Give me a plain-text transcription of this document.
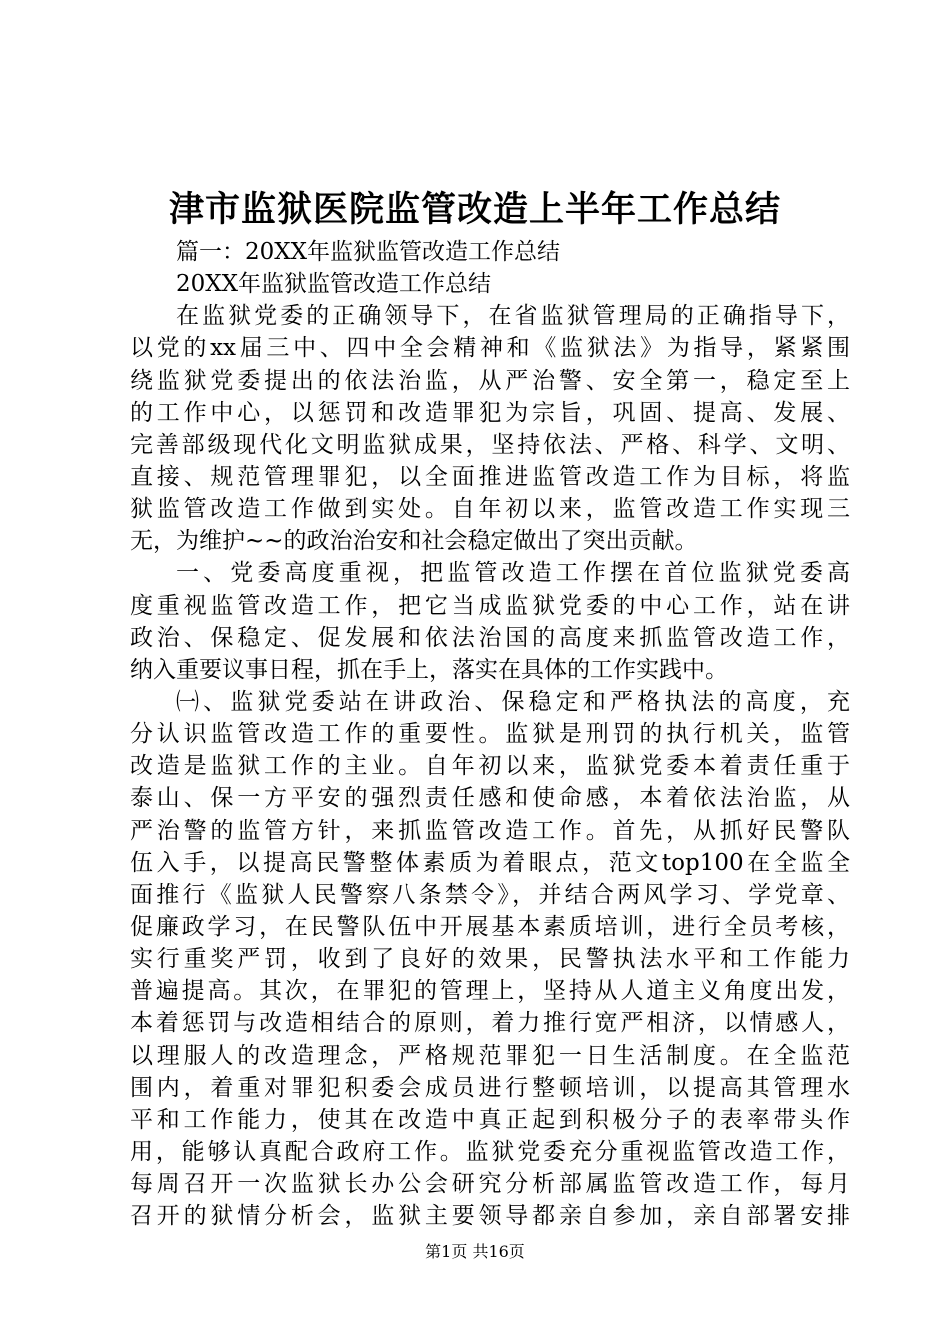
津市监狱医院监管改造上半年工作总结
篇一：20XX年监狱监管改造工作总结
20XX年监狱监管改造工作总结
在监狱党委的正确领导下，在省监狱管理局的正确指导下，
以党的xx届三中、四中全会精神和《监狱法》为指导，紧紧围
绕监狱党委提出的依法治监，从严治警、安全第一，稳定至上
的工作中心，以惩罚和改造罪犯为宗旨，巩固、提高、发展、
完善部级现代化文明监狱成果，坚持依法、严格、科学、文明、
直接、规范管理罪犯，以全面推进监管改造工作为目标，将监
狱监管改造工作做到实处。自年初以来，监管改造工作实现三
无，为维护~~的政治治安和社会稳定做出了突出贡献。
一、党委高度重视，把监管改造工作摆在首位监狱党委高
度重视监管改造工作，把它当成监狱党委的中心工作，站在讲
政治、保稳定、促发展和依法治国的高度来抓监管改造工作，
纳入重要议事日程，抓在手上，落实在具体的工作实践中。
㈠、监狱党委站在讲政治、保稳定和严格执法的高度，充
分认识监管改造工作的重要性。监狱是刑罚的执行机关，监管
改造是监狱工作的主业。自年初以来，监狱党委本着责任重于
泰山、保一方平安的强烈责任感和使命感，本着依法治监，从
严治警的监管方针，来抓监管改造工作。首先，从抓好民警队
伍入手，以提高民警整体素质为着眼点，范文top100在全监全
面推行《监狱人民警察八条禁令》，并结合两风学习、学党章、
促廉政学习，在民警队伍中开展基本素质培训，进行全员考核，
实行重奖严罚，收到了良好的效果，民警执法水平和工作能力
普遍提高。其次，在罪犯的管理上，坚持从人道主义角度出发，
本着惩罚与改造相结合的原则，着力推行宽严相济，以情感人，
以理服人的改造理念，严格规范罪犯一日生活制度。在全监范
围内，着重对罪犯积委会成员进行整顿培训，以提高其管理水
平和工作能力，使其在改造中真正起到积极分子的表率带头作
用，能够认真配合政府工作。监狱党委充分重视监管改造工作，
每周召开一次监狱长办公会研究分析部属监管改造工作，每月
召开的狱情分析会，监狱主要领导都亲自参加，亲自部署安排
第1页 共16页
